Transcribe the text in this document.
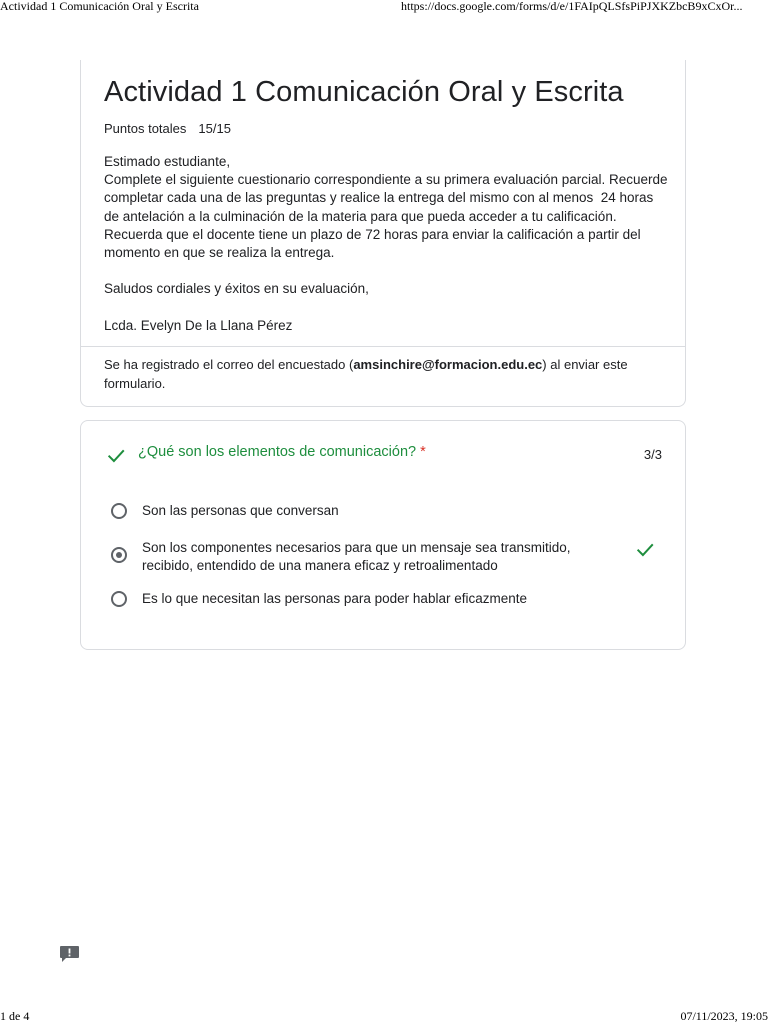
Actividad 1 Comunicación Oral y Escrita	https://docs.google.com/forms/d/e/1FAIpQLSfsPiPJXKZbcB9xCxOr...
Actividad 1 Comunicación Oral y Escrita
Puntos totales 15/15
Estimado estudiante,
Complete el siguiente cuestionario correspondiente a su primera evaluación parcial. Recuerde completar cada una de las preguntas y realice la entrega del mismo con al menos  24 horas de antelación a la culminación de la materia para que pueda acceder a tu calificación. Recuerda que el docente tiene un plazo de 72 horas para enviar la calificación a partir del momento en que se realiza la entrega.

Saludos cordiales y éxitos en su evaluación,

Lcda. Evelyn De la Llana Pérez
Se ha registrado el correo del encuestado (amsinchire@formacion.edu.ec) al enviar este formulario.
¿Qué son los elementos de comunicación? *	3/3
Son las personas que conversan
Son los componentes necesarios para que un mensaje sea transmitido, recibido, entendido de una manera eficaz y retroalimentado
Es lo que necesitan las personas para poder hablar eficazmente
1 de 4	07/11/2023, 19:05
